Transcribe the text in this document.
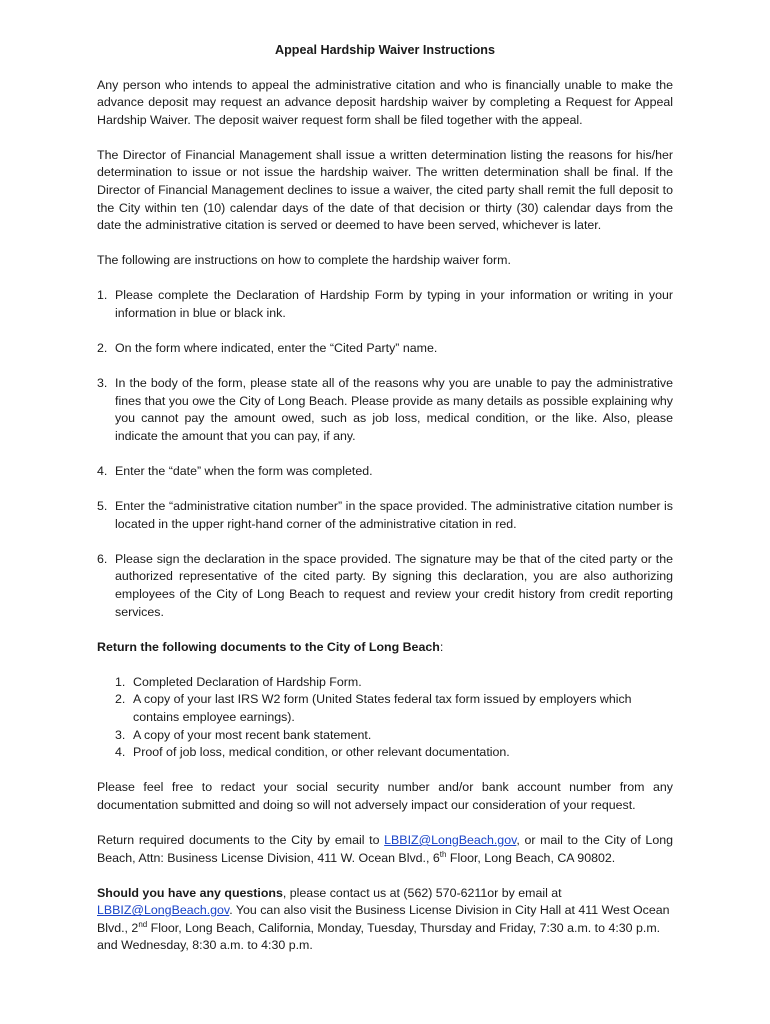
Appeal Hardship Waiver Instructions

Any person who intends to appeal the administrative citation and who is financially unable to make the advance deposit may request an advance deposit hardship waiver by completing a Request for Appeal Hardship Waiver. The deposit waiver request form shall be filed together with the appeal.

The Director of Financial Management shall issue a written determination listing the reasons for his/her determination to issue or not issue the hardship waiver. The written determination shall be final. If the Director of Financial Management declines to issue a waiver, the cited party shall remit the full deposit to the City within ten (10) calendar days of the date of that decision or thirty (30) calendar days from the date the administrative citation is served or deemed to have been served, whichever is later.

The following are instructions on how to complete the hardship waiver form.

1. Please complete the Declaration of Hardship Form by typing in your information or writing in your information in blue or black ink.
2. On the form where indicated, enter the “Cited Party” name.
3. In the body of the form, please state all of the reasons why you are unable to pay the administrative fines that you owe the City of Long Beach. Please provide as many details as possible explaining why you cannot pay the amount owed, such as job loss, medical condition, or the like. Also, please indicate the amount that you can pay, if any.
4. Enter the “date” when the form was completed.
5. Enter the “administrative citation number” in the space provided. The administrative citation number is located in the upper right-hand corner of the administrative citation in red.
6. Please sign the declaration in the space provided. The signature may be that of the cited party or the authorized representative of the cited party. By signing this declaration, you are also authorizing employees of the City of Long Beach to request and review your credit history from credit reporting services.

Return the following documents to the City of Long Beach:

1. Completed Declaration of Hardship Form.
2. A copy of your last IRS W2 form (United States federal tax form issued by employers which contains employee earnings).
3. A copy of your most recent bank statement.
4. Proof of job loss, medical condition, or other relevant documentation.

Please feel free to redact your social security number and/or bank account number from any documentation submitted and doing so will not adversely impact our consideration of your request.

Return required documents to the City by email to LBBIZ@LongBeach.gov, or mail to the City of Long Beach, Attn: Business License Division, 411 W. Ocean Blvd., 6th Floor, Long Beach, CA 90802.

Should you have any questions, please contact us at (562) 570-6211or by email at LBBIZ@LongBeach.gov. You can also visit the Business License Division in City Hall at 411 West Ocean Blvd., 2nd Floor, Long Beach, California, Monday, Tuesday, Thursday and Friday, 7:30 a.m. to 4:30 p.m. and Wednesday, 8:30 a.m. to 4:30 p.m.
